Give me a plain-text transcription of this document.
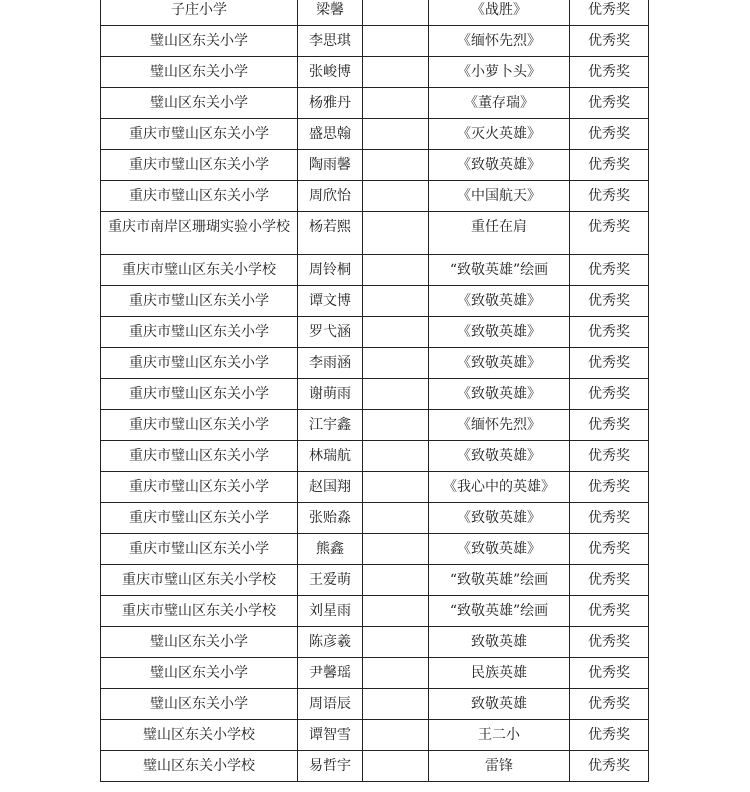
子庄小学	梁馨		《战胜》	优秀奖
璧山区东关小学	李思琪		《缅怀先烈》	优秀奖
璧山区东关小学	张峻博		《小萝卜头》	优秀奖
璧山区东关小学	杨雅丹		《董存瑞》	优秀奖
重庆市璧山区东关小学	盛思翰		《灭火英雄》	优秀奖
重庆市璧山区东关小学	陶雨馨		《致敬英雄》	优秀奖
重庆市璧山区东关小学	周欣怡		《中国航天》	优秀奖
重庆市南岸区珊瑚实验小学校	杨若熙		重任在肩	优秀奖
重庆市璧山区东关小学校	周铃桐		“致敬英雄”绘画	优秀奖
重庆市璧山区东关小学	谭文博		《致敬英雄》	优秀奖
重庆市璧山区东关小学	罗弋涵		《致敬英雄》	优秀奖
重庆市璧山区东关小学	李雨涵		《致敬英雄》	优秀奖
重庆市璧山区东关小学	谢萌雨		《致敬英雄》	优秀奖
重庆市璧山区东关小学	江宇鑫		《缅怀先烈》	优秀奖
重庆市璧山区东关小学	林瑞航		《致敬英雄》	优秀奖
重庆市璧山区东关小学	赵国翔		《我心中的英雄》	优秀奖
重庆市璧山区东关小学	张贻淼		《致敬英雄》	优秀奖
重庆市璧山区东关小学	熊鑫		《致敬英雄》	优秀奖
重庆市璧山区东关小学校	王爱萌		“致敬英雄”绘画	优秀奖
重庆市璧山区东关小学校	刘星雨		“致敬英雄”绘画	优秀奖
璧山区东关小学	陈彦羲		致敬英雄	优秀奖
璧山区东关小学	尹馨瑶		民族英雄	优秀奖
璧山区东关小学	周语辰		致敬英雄	优秀奖
璧山区东关小学校	谭智雪		王二小	优秀奖
璧山区东关小学校	易哲宇		雷锋	优秀奖
